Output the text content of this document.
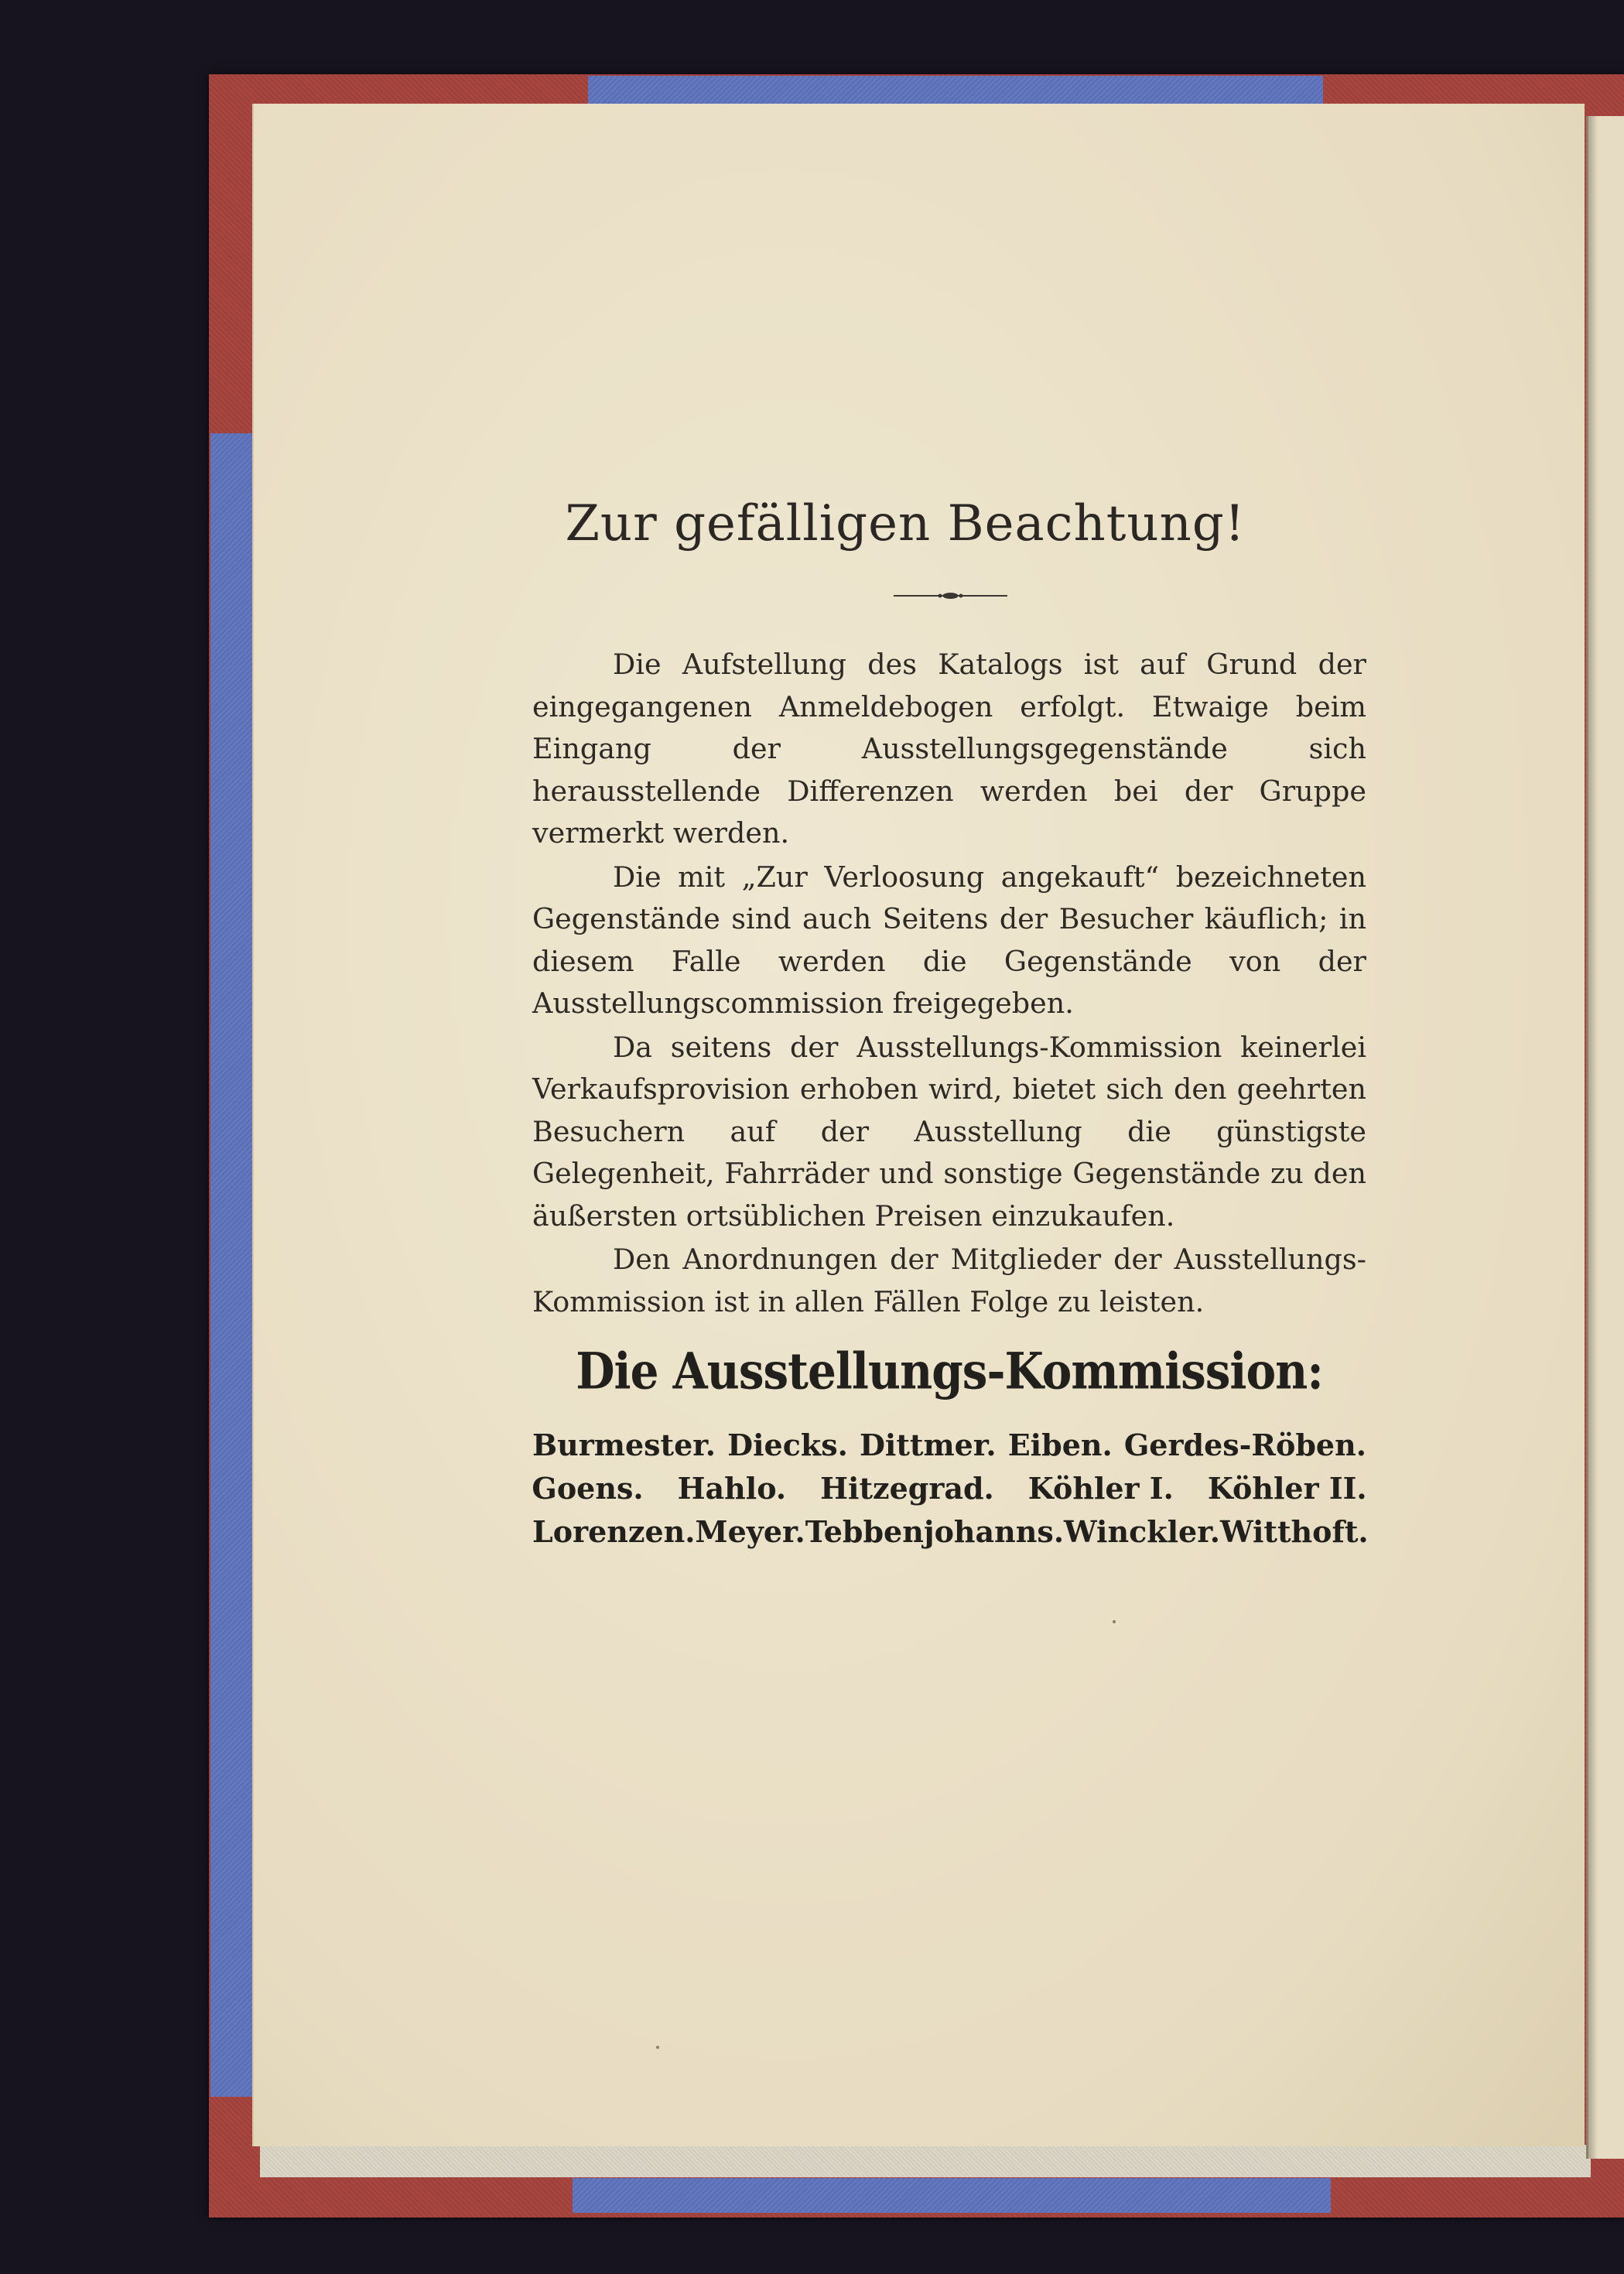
Zur gefälligen Beachtung!

Die Aufstellung des Katalogs ist auf Grund der eingegangenen Anmeldebogen erfolgt. Etwaige beim Eingang der Ausstellungsgegenstände sich herausstellende Differenzen werden bei der Gruppe vermerkt werden.

Die mit „Zur Verloosung angekauft“ bezeichneten Gegenstände sind auch Seitens der Besucher käuflich; in diesem Falle werden die Gegenstände von der Ausstellungscommission freigegeben.

Da seitens der Ausstellungs-Kommission keinerlei Verkaufsprovision erhoben wird, bietet sich den geehrten Besuchern auf der Ausstellung die günstigste Gelegenheit, Fahrräder und sonstige Gegenstände zu den äußersten ortsüblichen Preisen einzukaufen.

Den Anordnungen der Mitglieder der Ausstellungs-Kommission ist in allen Fällen Folge zu leisten.

Die Ausstellungs-Kommission:
Burmester. Diecks. Dittmer. Eiben. Gerdes-Röben.
Goens. Hahlo. Hitzegrad. Köhler I. Köhler II.
Lorenzen. Meyer. Tebbenjohanns. Winckler. Witthoft.
